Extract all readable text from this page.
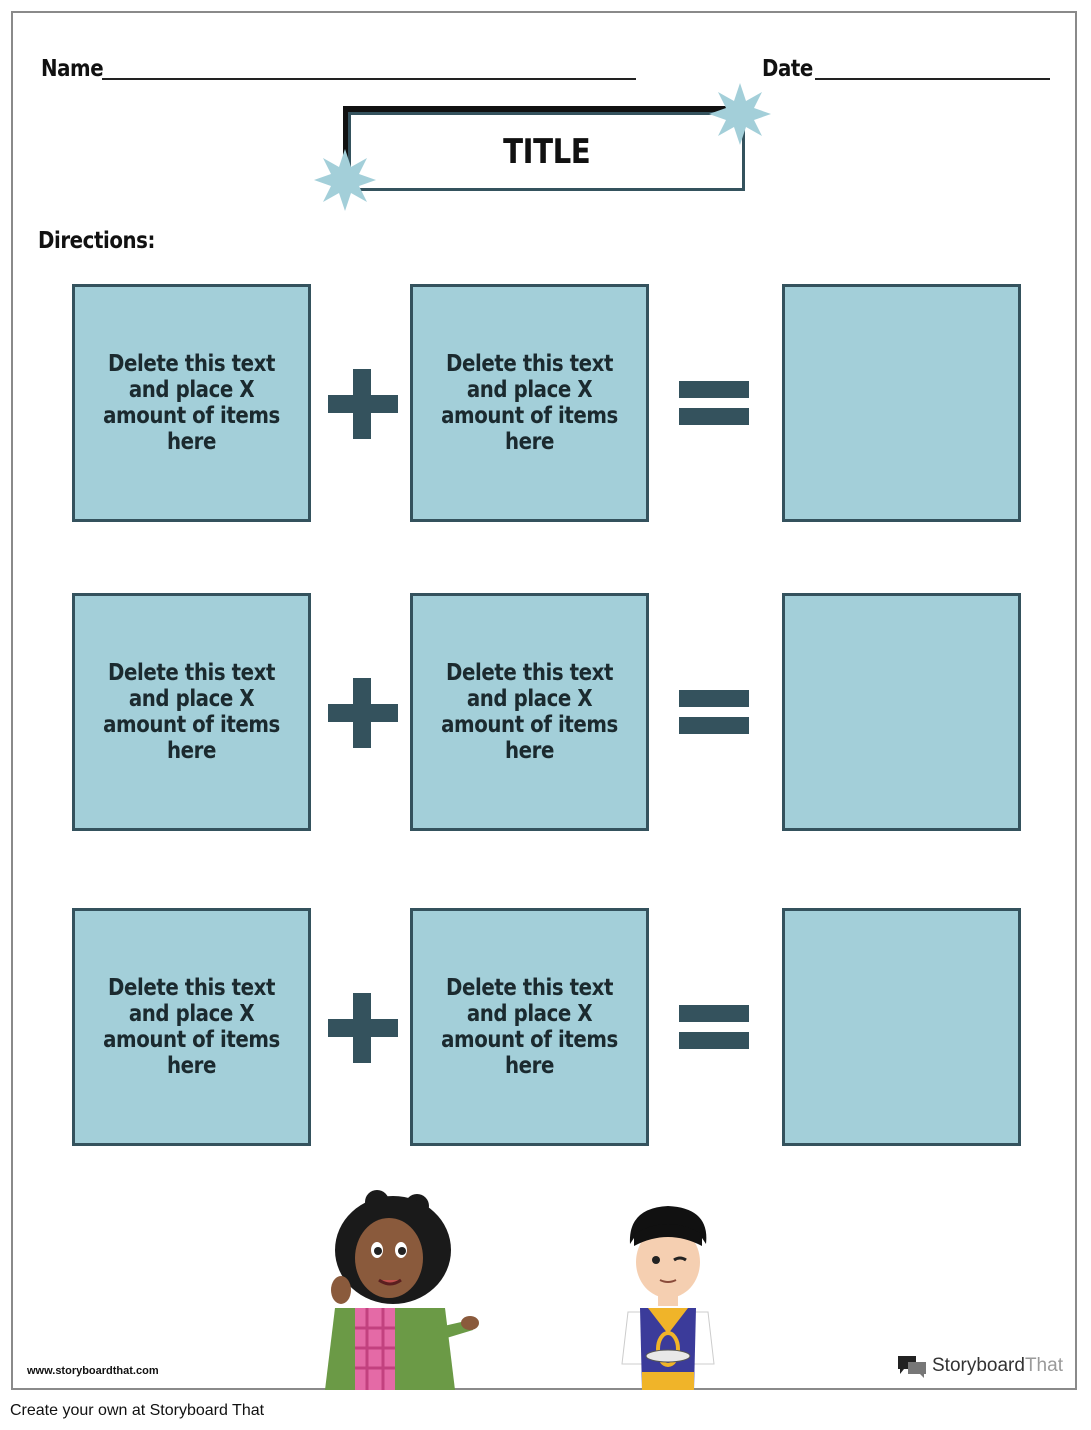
Name	Date
TITLE
Directions:
Delete this text and place X amount of items here
Delete this text and place X amount of items here
Delete this text and place X amount of items here
Delete this text and place X amount of items here
Delete this text and place X amount of items here
Delete this text and place X amount of items here
www.storyboardthat.com	StoryboardThat
Create your own at Storyboard That
